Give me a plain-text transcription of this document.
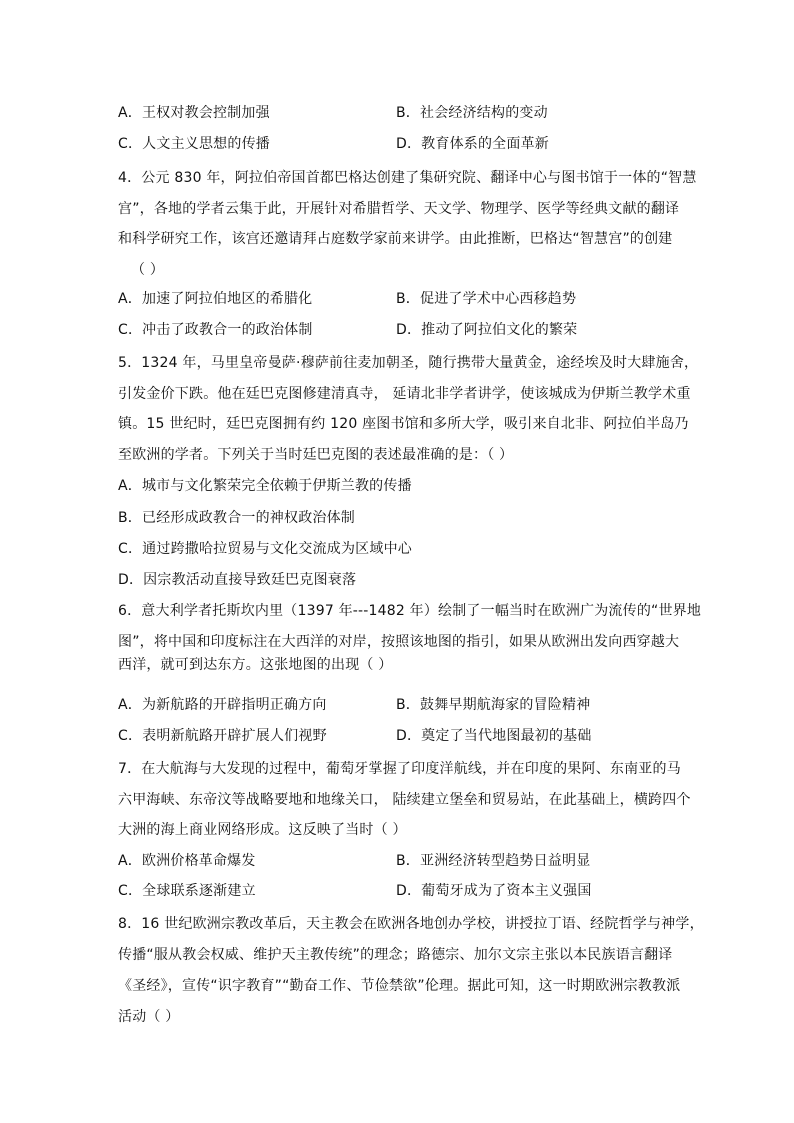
A．王权对教会控制加强	B．社会经济结构的变动
C．人文主义思想的传播	D．教育体系的全面革新
4．公元 830 年，阿拉伯帝国首都巴格达创建了集研究院、翻译中心与图书馆于一体的“智慧
宫”，各地的学者云集于此，开展针对希腊哲学、天文学、物理学、医学等经典文献的翻译
和科学研究工作，该宫还邀请拜占庭数学家前来讲学。由此推断，巴格达“智慧宫”的创建
（ ）
A．加速了阿拉伯地区的希腊化	B．促进了学术中心西移趋势
C．冲击了政教合一的政治体制	D．推动了阿拉伯文化的繁荣
5．1324 年，马里皇帝曼萨·穆萨前往麦加朝圣，随行携带大量黄金，途经埃及时大肆施舍，
引发金价下跌。他在廷巴克图修建清真寺， 延请北非学者讲学，使该城成为伊斯兰教学术重
镇。15 世纪时，廷巴克图拥有约 120 座图书馆和多所大学，吸引来自北非、阿拉伯半岛乃
至欧洲的学者。下列关于当时廷巴克图的表述最准确的是：（ ）
A．城市与文化繁荣完全依赖于伊斯兰教的传播
B．已经形成政教合一的神权政治体制
C．通过跨撒哈拉贸易与文化交流成为区域中心
D．因宗教活动直接导致廷巴克图衰落
6．意大利学者托斯坎内里（1397 年---1482 年）绘制了一幅当时在欧洲广为流传的“世界地
图”，将中国和印度标注在大西洋的对岸，按照该地图的指引，如果从欧洲出发向西穿越大
西洋，就可到达东方。这张地图的出现（ ）
A．为新航路的开辟指明正确方向	B．鼓舞早期航海家的冒险精神
C．表明新航路开辟扩展人们视野	D．奠定了当代地图最初的基础
7．在大航海与大发现的过程中，葡萄牙掌握了印度洋航线，并在印度的果阿、东南亚的马
六甲海峡、东帝汶等战略要地和地缘关口， 陆续建立堡垒和贸易站，在此基础上，横跨四个
大洲的海上商业网络形成。这反映了当时（ ）
A．欧洲价格革命爆发	B．亚洲经济转型趋势日益明显
C．全球联系逐渐建立	D．葡萄牙成为了资本主义强国
8．16 世纪欧洲宗教改革后，天主教会在欧洲各地创办学校，讲授拉丁语、经院哲学与神学，
传播“服从教会权威、维护天主教传统”的理念；路德宗、加尔文宗主张以本民族语言翻译
《圣经》，宣传“识字教育”“勤奋工作、节俭禁欲”伦理。据此可知，这一时期欧洲宗教教派
活动（ ）
